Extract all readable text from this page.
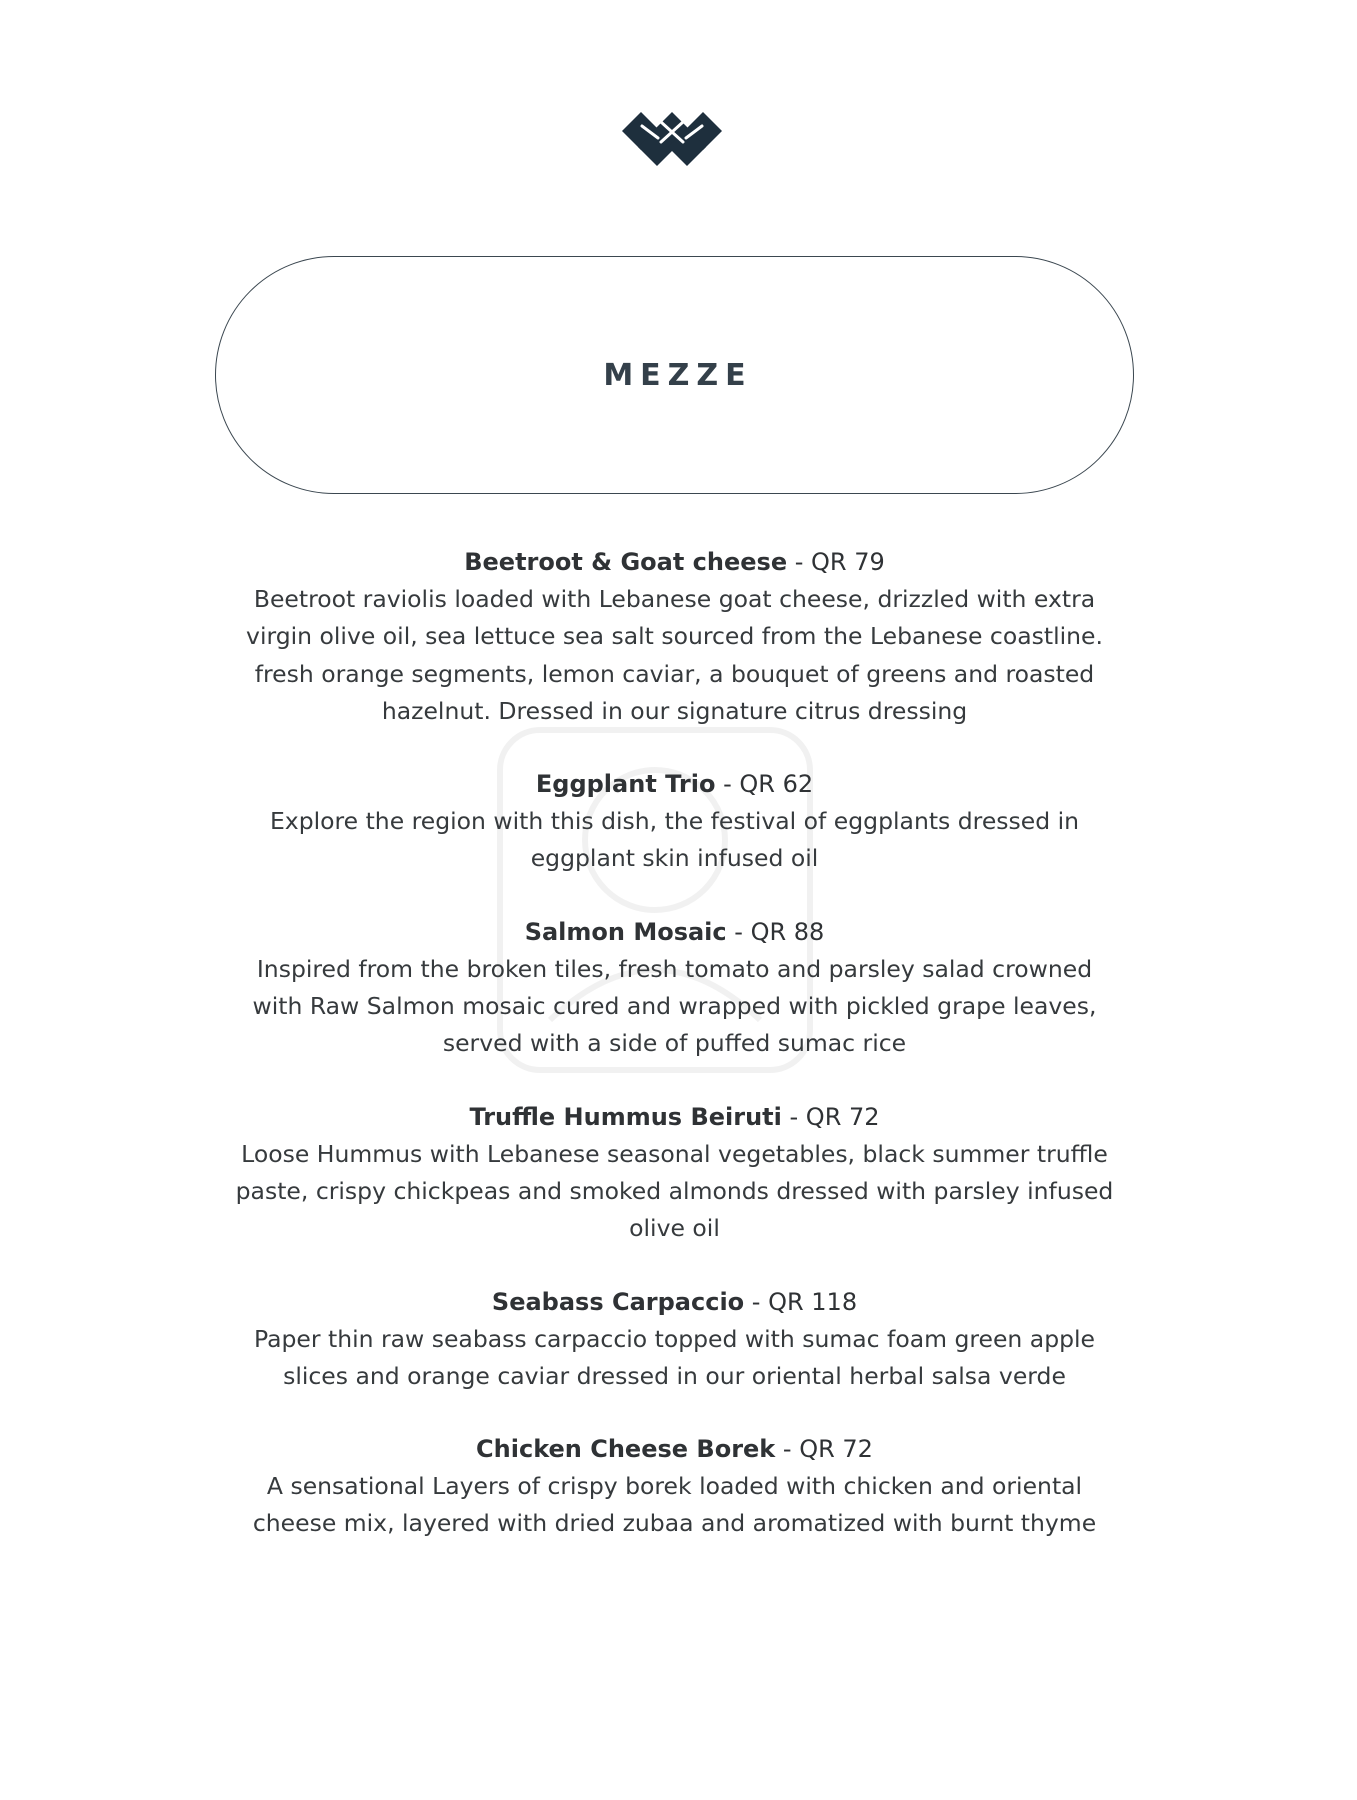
MEZZE
Beetroot & Goat cheese - QR 79
Beetroot raviolis loaded with Lebanese goat cheese, drizzled with extra virgin olive oil, sea lettuce sea salt sourced from the Lebanese coastline. fresh orange segments, lemon caviar, a bouquet of greens and roasted hazelnut. Dressed in our signature citrus dressing
Eggplant Trio - QR 62
Explore the region with this dish, the festival of eggplants dressed in eggplant skin infused oil
Salmon Mosaic - QR 88
Inspired from the broken tiles, fresh tomato and parsley salad crowned with Raw Salmon mosaic cured and wrapped with pickled grape leaves, served with a side of puffed sumac rice
Truffle Hummus Beiruti - QR 72
Loose Hummus with Lebanese seasonal vegetables, black summer truffle paste, crispy chickpeas and smoked almonds dressed with parsley infused olive oil
Seabass Carpaccio - QR 118
Paper thin raw seabass carpaccio topped with sumac foam green apple slices and orange caviar dressed in our oriental herbal salsa verde
Chicken Cheese Borek - QR 72
A sensational Layers of crispy borek loaded with chicken and oriental cheese mix, layered with dried zubaa and aromatized with burnt thyme
